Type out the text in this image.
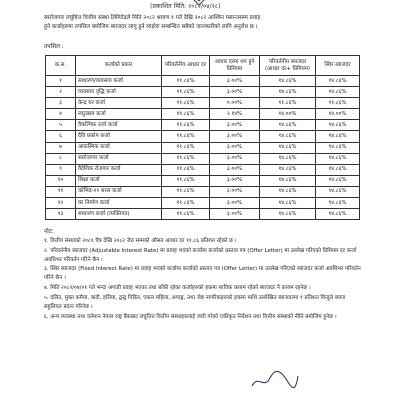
(प्रकाशित मिति: २०८२/०४/२८)

स्वरोजगार लघुवित्त वित्तीय संस्था लिमिटेडले मिति २०८२ श्रावण १ गते देखि २०८२ आश्विन मसान्तसम्म प्रवाह

हुने कर्जाहरुमा तपसिल बमोजिम ब्याजदर लागु हुने व्यहोरा सम्बन्धित सबैको जानकारीको लागि अनुरोध छ ।

तपसिल :
क.स.	कर्जाको प्रकार	परिवर्तनीय आधार दर	आधार दरमा थप हुने प्रिमियम	परिवर्तनीय ब्याजदर (आधार दर+ प्रिमियम)	स्थिर ब्याजदर
१	साधारण/व्यवसाय कर्जा	११.८६%	३.००%	१४.८६%	१४.८६%
२	व्यवसाय वृद्धि कर्जा	११.८६%	३.००%	१४.८६%	१४.८६%
३	केन्द्र घर कर्जा	११.८६%	०.००%	११.८६%	११.८६%
४	लघुउद्यम कर्जा	११.८६%	२.१४%	१४.००%	१४.००%
५	वैकल्पिक उर्जा कर्जा	११.८६%	३.००%	१४.८६%	१४.८६%
६	दैवि प्रकोप कर्जा	११.८६%	३.००%	१४.८६%	१४.८६%
७	आकस्मिक कर्जा	११.८६%	३.००%	१४.८६%	१४.८६%
८	स्वरोजगार कर्जा	११.८६%	३.००%	१४.८६%	१४.८६%
९	वैदेशिक रोजगार कर्जा	११.८६%	३.००%	१४.८६%	१४.८६%
१०	शिक्षा कर्जा	११.८६%	३.००%	१४.८६%	१४.८६%
११	कोभिड-१९ सरल कर्जा	११.८६%	३.००%	१४.८६%	१४.८६%
१२	घर निर्माण कर्जा	११.८६%	३.००%	१४.८६%	१४.८६%
१३	साधारण कर्जा (व्यक्तिगत)	११.८६%	३.००%	१४.८६%	१४.८६%
नोट:
१. वित्तीय संस्थाको २०८१ चैत्र देखि २०८२ जेठ सम्मको औसत आधार दर ११.८६ प्रतिशत रहेको छ ।
२. परिवर्तनीय ब्याजदर (Adjustable Interest Rate) मा प्रवाह भएको कर्जामा कर्जाको प्रस्ताव पत्र (Offer Letter) मा उल्लेख गरिएको प्रिमियम दर कर्जा अवधिभर परिवर्तन गरिने छैन ।
३. स्थिर ब्याजदर (Fixed Interest Rate) मा प्रवाह भएको कर्जामा कर्जाको प्रस्ताव पत्र (Offer Letter) मा उल्लेख गरिएको ब्याजदर कर्जा अवधिभर परिवर्तन गरिने छैन ।
४. मिति २०८२/०४/०१ गते भन्दा अगाडी प्रवाह भएका तथा बाँकी रहेका कर्जाहरुको हकमा साविक कायम रहेको ब्याजदर नै कायम रहनेछ ।
५. दलित, मुक्त कमैया, बादी, हलिया, द्वन्द्व पिडित, एकल महिला, अपाङ्ग, तथा जेष्ठ नागरिकहरुको हकमा माथि उल्लेखित ब्याजदरमा १ प्रतिशत विन्दुले ब्याज सहुलियत प्रदान गरिनेछ ।
६. अन्य व्यवस्था तथा वर्तमान नेपाल राष्ट्र बैंकबाट लघुवित्त वित्तीय संस्थाहरुलाई जारी गरेको एकीकृत निर्देशन तथा वित्तीय संस्थाको नीति बमोजिम हुनेछ ।
